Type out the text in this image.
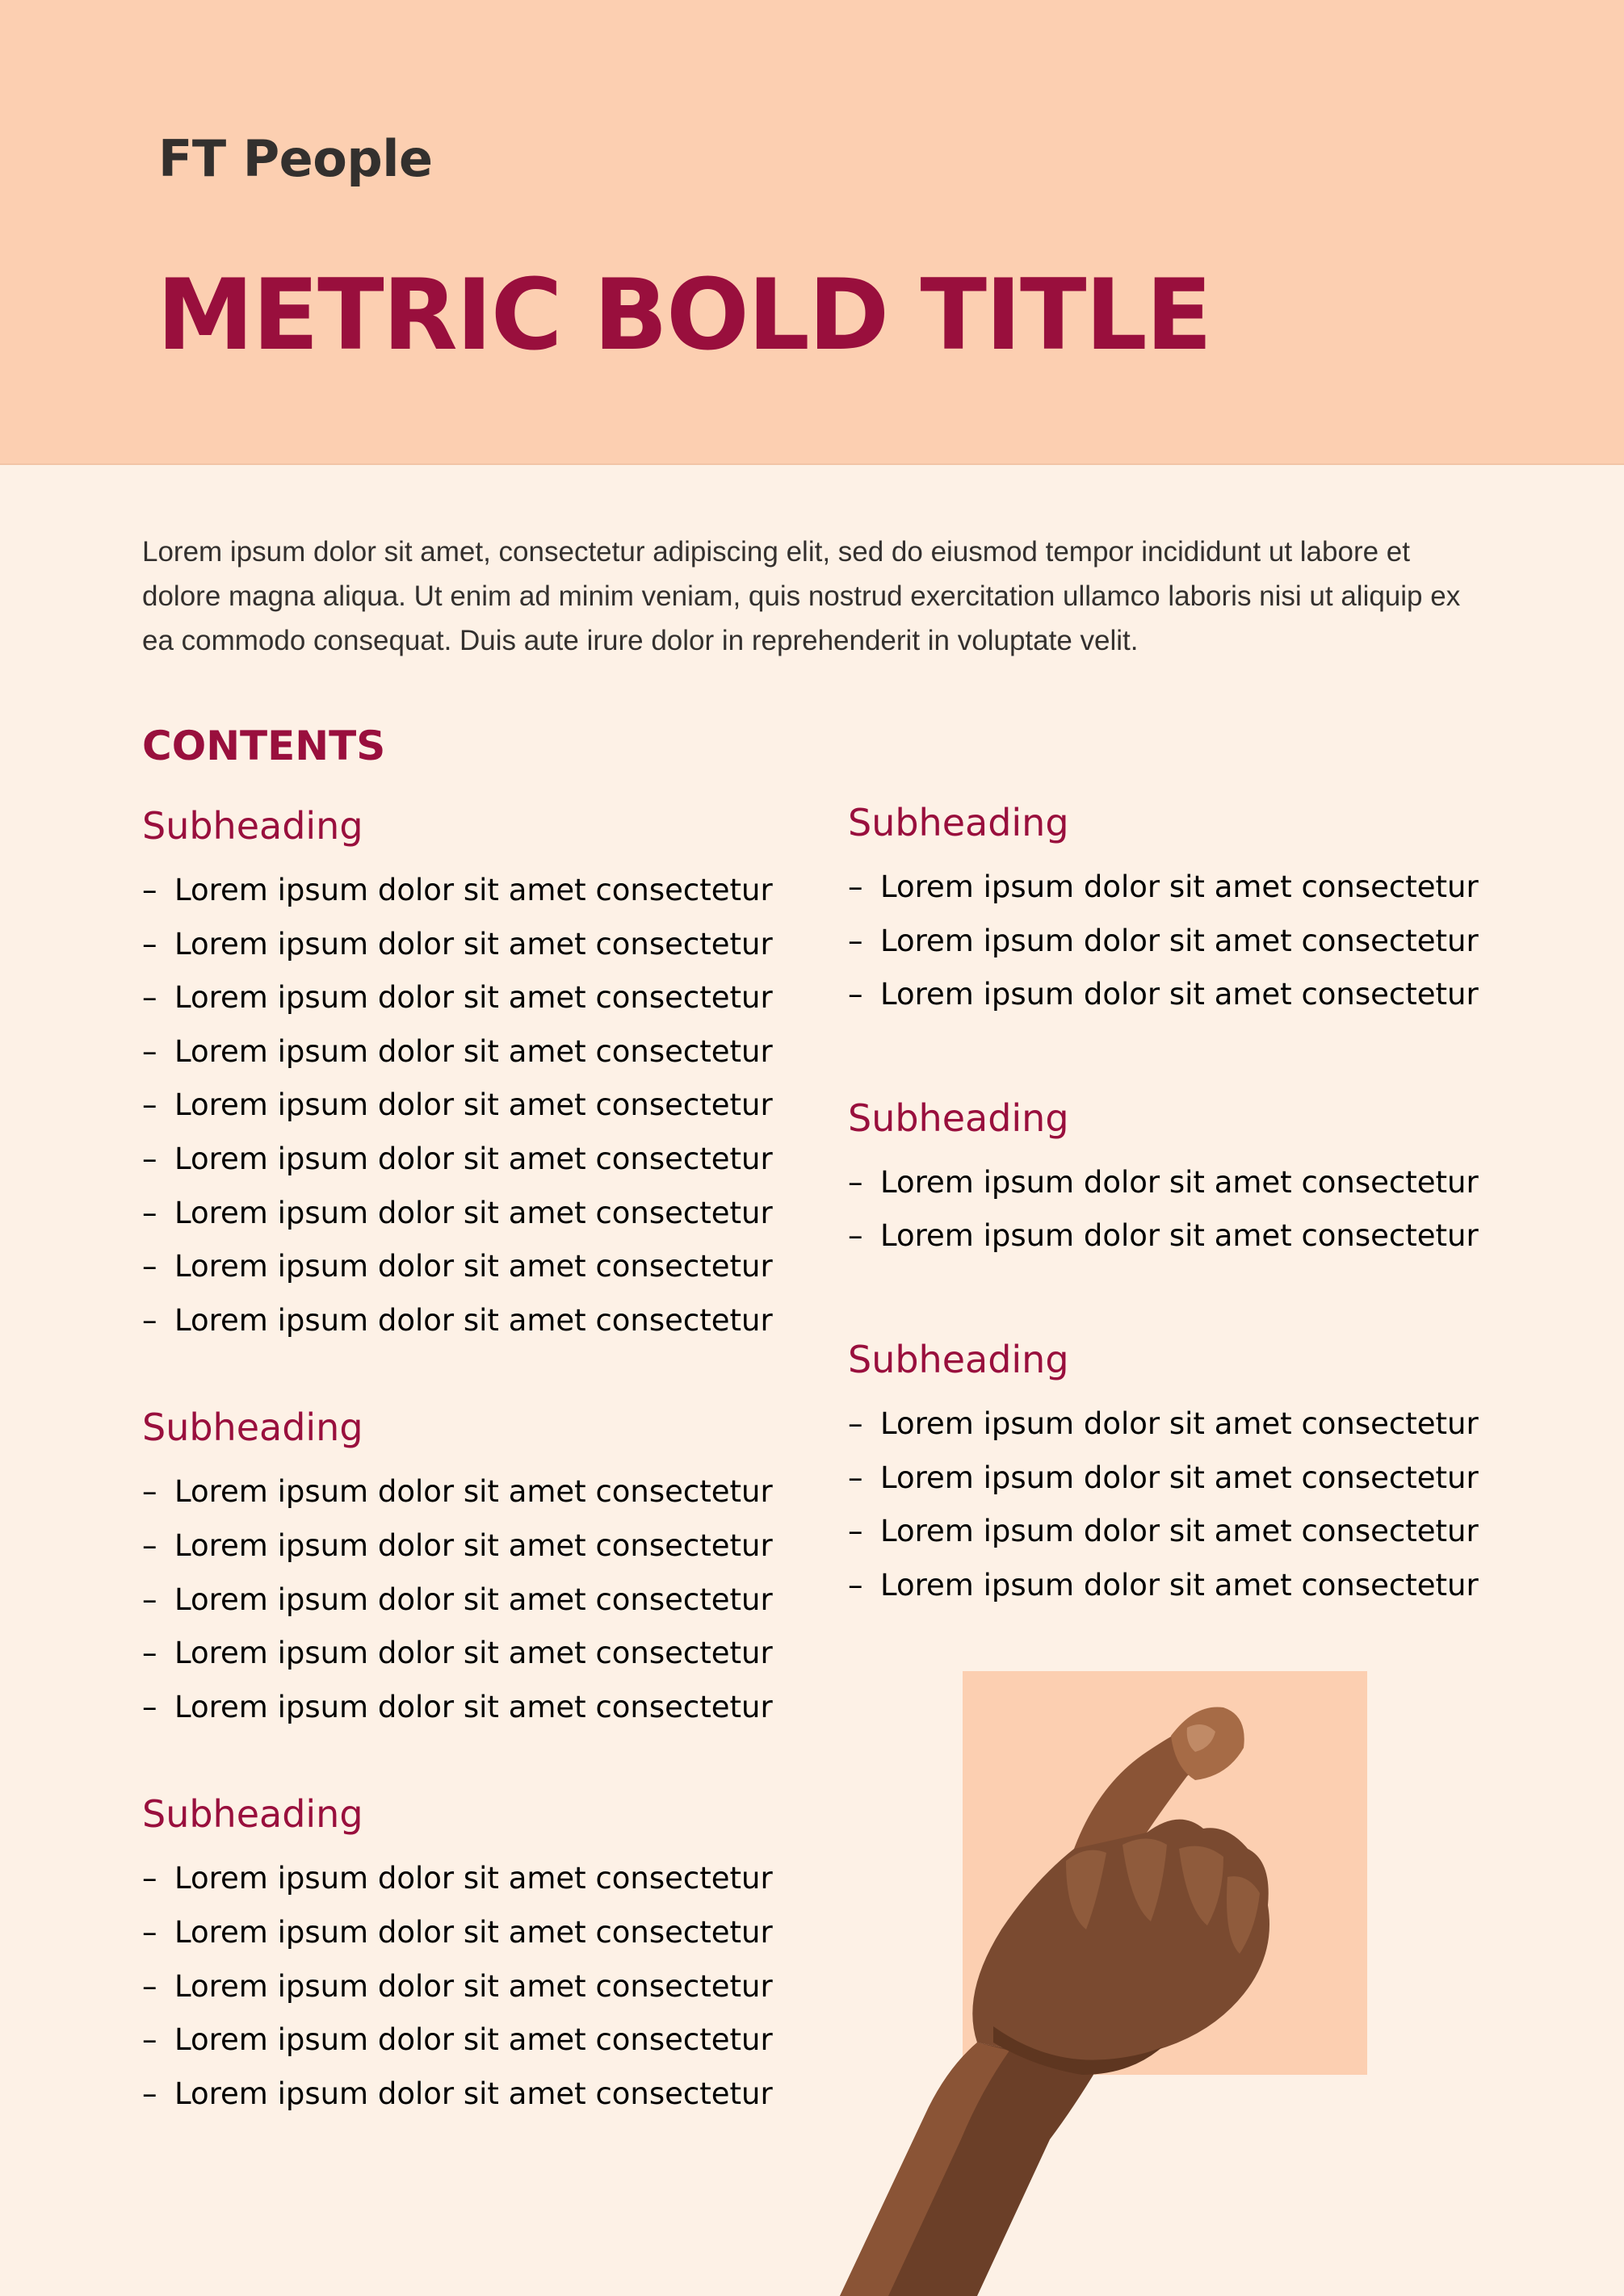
FT People
METRIC BOLD TITLE

Lorem ipsum dolor sit amet, consectetur adipiscing elit, sed do eiusmod tempor incididunt ut labore et dolore magna aliqua. Ut enim ad minim veniam, quis nostrud exercitation ullamco laboris nisi ut aliquip ex ea commodo consequat. Duis aute irure dolor in reprehenderit in voluptate velit.

CONTENTS
Subheading
– Lorem ipsum dolor sit amet consectetur
– Lorem ipsum dolor sit amet consectetur
– Lorem ipsum dolor sit amet consectetur
– Lorem ipsum dolor sit amet consectetur
– Lorem ipsum dolor sit amet consectetur
– Lorem ipsum dolor sit amet consectetur
– Lorem ipsum dolor sit amet consectetur
– Lorem ipsum dolor sit amet consectetur
– Lorem ipsum dolor sit amet consectetur
Subheading
– Lorem ipsum dolor sit amet consectetur
– Lorem ipsum dolor sit amet consectetur
– Lorem ipsum dolor sit amet consectetur
– Lorem ipsum dolor sit amet consectetur
– Lorem ipsum dolor sit amet consectetur
Subheading
– Lorem ipsum dolor sit amet consectetur
– Lorem ipsum dolor sit amet consectetur
– Lorem ipsum dolor sit amet consectetur
– Lorem ipsum dolor sit amet consectetur
– Lorem ipsum dolor sit amet consectetur
Subheading
– Lorem ipsum dolor sit amet consectetur
– Lorem ipsum dolor sit amet consectetur
– Lorem ipsum dolor sit amet consectetur
Subheading
– Lorem ipsum dolor sit amet consectetur
– Lorem ipsum dolor sit amet consectetur
Subheading
– Lorem ipsum dolor sit amet consectetur
– Lorem ipsum dolor sit amet consectetur
– Lorem ipsum dolor sit amet consectetur
– Lorem ipsum dolor sit amet consectetur
